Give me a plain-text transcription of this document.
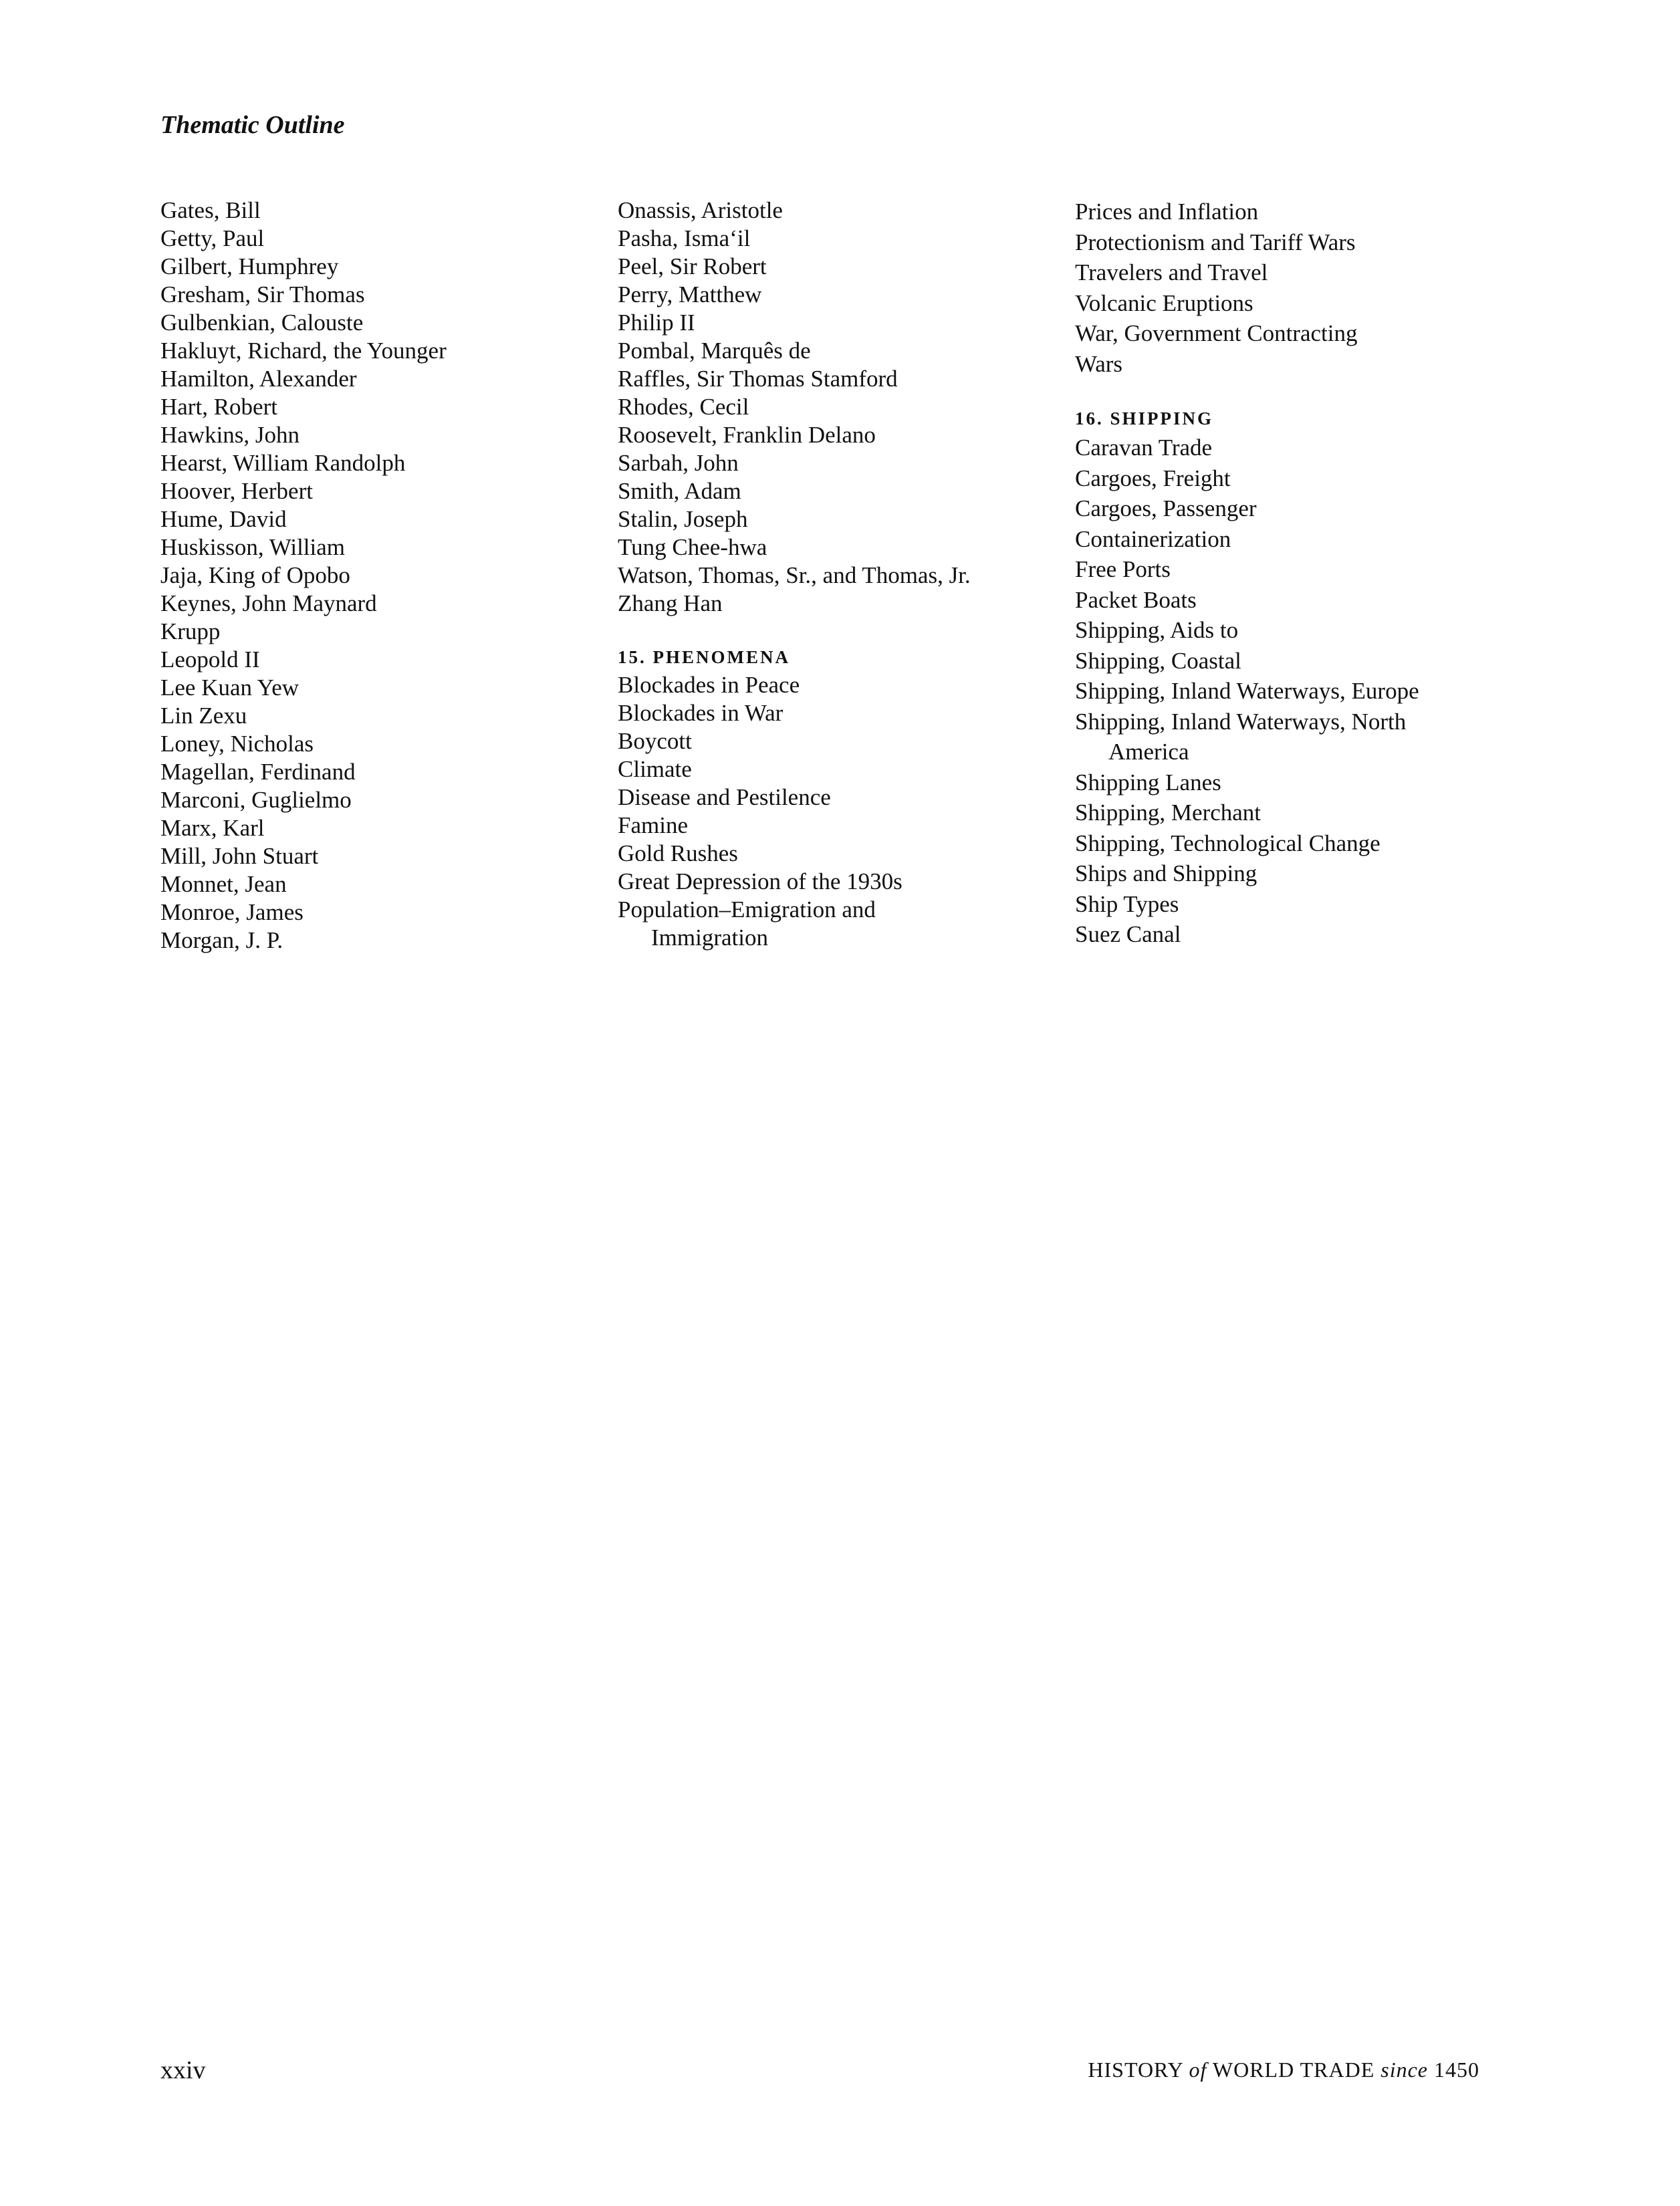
Thematic Outline
Gates, Bill
Getty, Paul
Gilbert, Humphrey
Gresham, Sir Thomas
Gulbenkian, Calouste
Hakluyt, Richard, the Younger
Hamilton, Alexander
Hart, Robert
Hawkins, John
Hearst, William Randolph
Hoover, Herbert
Hume, David
Huskisson, William
Jaja, King of Opobo
Keynes, John Maynard
Krupp
Leopold II
Lee Kuan Yew
Lin Zexu
Loney, Nicholas
Magellan, Ferdinand
Marconi, Guglielmo
Marx, Karl
Mill, John Stuart
Monnet, Jean
Monroe, James
Morgan, J. P.
Onassis, Aristotle
Pasha, Isma‘il
Peel, Sir Robert
Perry, Matthew
Philip II
Pombal, Marquês de
Raffles, Sir Thomas Stamford
Rhodes, Cecil
Roosevelt, Franklin Delano
Sarbah, John
Smith, Adam
Stalin, Joseph
Tung Chee-hwa
Watson, Thomas, Sr., and Thomas, Jr.
Zhang Han
15. PHENOMENA
Blockades in Peace
Blockades in War
Boycott
Climate
Disease and Pestilence
Famine
Gold Rushes
Great Depression of the 1930s
Population–Emigration and Immigration
Prices and Inflation
Protectionism and Tariff Wars
Travelers and Travel
Volcanic Eruptions
War, Government Contracting
Wars
16. SHIPPING
Caravan Trade
Cargoes, Freight
Cargoes, Passenger
Containerization
Free Ports
Packet Boats
Shipping, Aids to
Shipping, Coastal
Shipping, Inland Waterways, Europe
Shipping, Inland Waterways, North America
Shipping Lanes
Shipping, Merchant
Shipping, Technological Change
Ships and Shipping
Ship Types
Suez Canal
xxiv	HISTORY of WORLD TRADE since 1450
